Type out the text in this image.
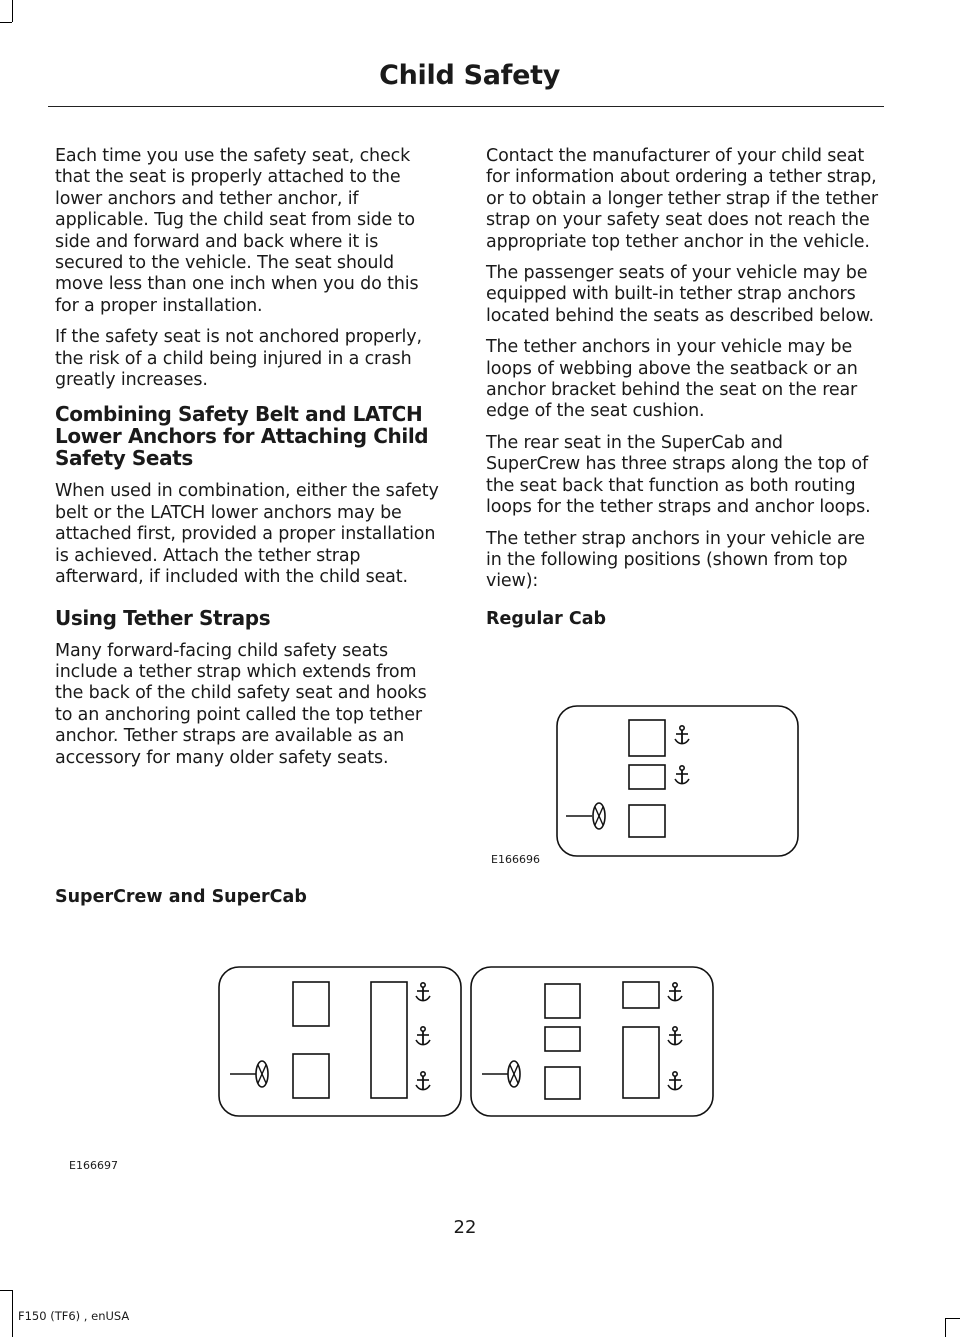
Child Safety

Each time you use the safety seat, check that the seat is properly attached to the lower anchors and tether anchor, if applicable. Tug the child seat from side to side and forward and back where it is secured to the vehicle. The seat should move less than one inch when you do this for a proper installation.

If the safety seat is not anchored properly, the risk of a child being injured in a crash greatly increases.

Combining Safety Belt and LATCH Lower Anchors for Attaching Child Safety Seats

When used in combination, either the safety belt or the LATCH lower anchors may be attached first, provided a proper installation is achieved. Attach the tether strap afterward, if included with the child seat.

Using Tether Straps

Many forward-facing child safety seats include a tether strap which extends from the back of the child safety seat and hooks to an anchoring point called the top tether anchor. Tether straps are available as an accessory for many older safety seats.

Contact the manufacturer of your child seat for information about ordering a tether strap, or to obtain a longer tether strap if the tether strap on your safety seat does not reach the appropriate top tether anchor in the vehicle.

The passenger seats of your vehicle may be equipped with built-in tether strap anchors located behind the seats as described below.

The tether anchors in your vehicle may be loops of webbing above the seatback or an anchor bracket behind the seat on the rear edge of the seat cushion.

The rear seat in the SuperCab and SuperCrew has three straps along the top of the seat back that function as both routing loops for the tether straps and anchor loops.

The tether strap anchors in your vehicle are in the following positions (shown from top view):

Regular Cab
E166696
SuperCrew and SuperCab
E166697
22
F150 (TF6) , enUSA
